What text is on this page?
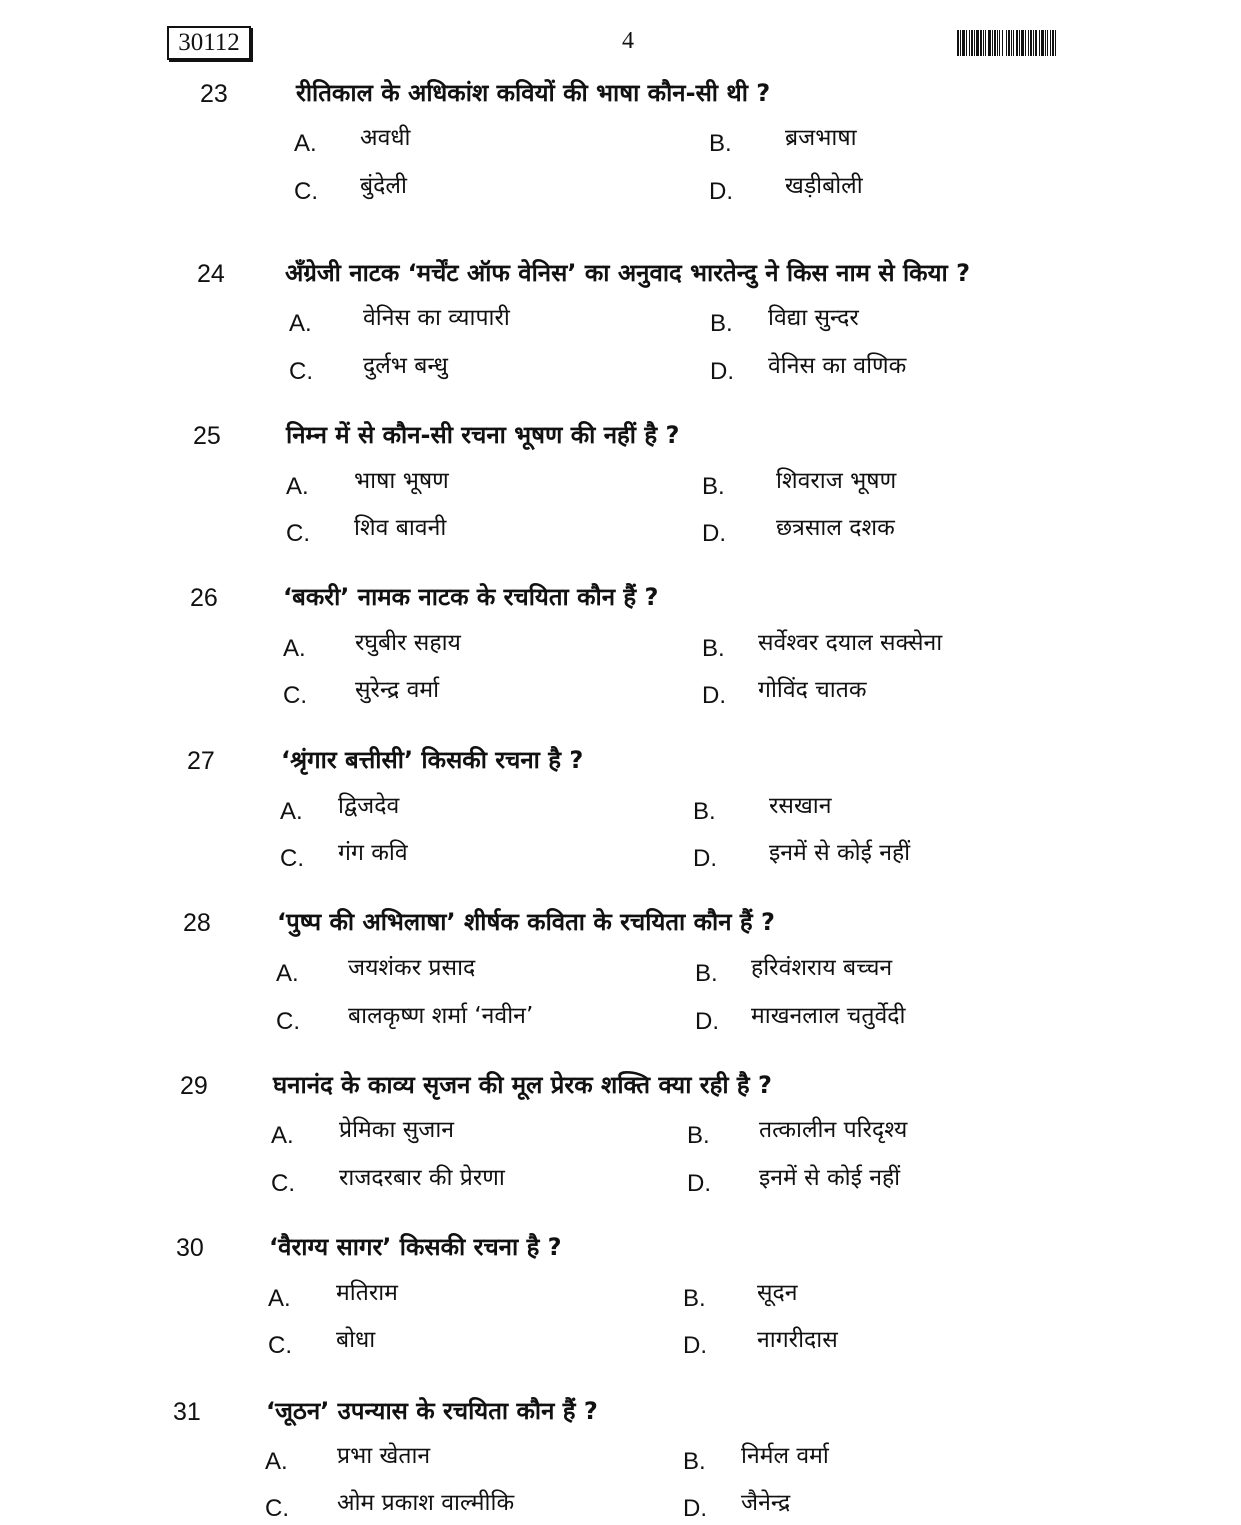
30112	4
23	रीतिकाल के अधिकांश कवियों की भाषा कौन-सी थी ?
A. अवधी	B. ब्रजभाषा
C. बुंदेली	D. खड़ीबोली
24	अँग्रेजी नाटक ‘मर्चेंट ऑफ वेनिस’ का अनुवाद भारतेन्दु ने किस नाम से किया ?
A. वेनिस का व्यापारी	B. विद्या सुन्दर
C. दुर्लभ बन्धु	D. वेनिस का वणिक
25	निम्न में से कौन-सी रचना भूषण की नहीं है ?
A. भाषा भूषण	B. शिवराज भूषण
C. शिव बावनी	D. छत्रसाल दशक
26	‘बकरी’ नामक नाटक के रचयिता कौन हैं ?
A. रघुबीर सहाय	B. सर्वेश्वर दयाल सक्सेना
C. सुरेन्द्र वर्मा	D. गोविंद चातक
27	‘श्रृंगार बत्तीसी’ किसकी रचना है ?
A. द्विजदेव	B. रसखान
C. गंग कवि	D. इनमें से कोई नहीं
28	‘पुष्प की अभिलाषा’ शीर्षक कविता के रचयिता कौन हैं ?
A. जयशंकर प्रसाद	B. हरिवंशराय बच्चन
C. बालकृष्ण शर्मा ‘नवीन’	D. माखनलाल चतुर्वेदी
29	घनानंद के काव्य सृजन की मूल प्रेरक शक्ति क्या रही है ?
A. प्रेमिका सुजान	B. तत्कालीन परिदृश्य
C. राजदरबार की प्रेरणा	D. इनमें से कोई नहीं
30	‘वैराग्य सागर’ किसकी रचना है ?
A. मतिराम	B. सूदन
C. बोधा	D. नागरीदास
31	‘जूठन’ उपन्यास के रचयिता कौन हैं ?
A. प्रभा खेतान	B. निर्मल वर्मा
C. ओम प्रकाश वाल्मीकि	D. जैनेन्द्र
